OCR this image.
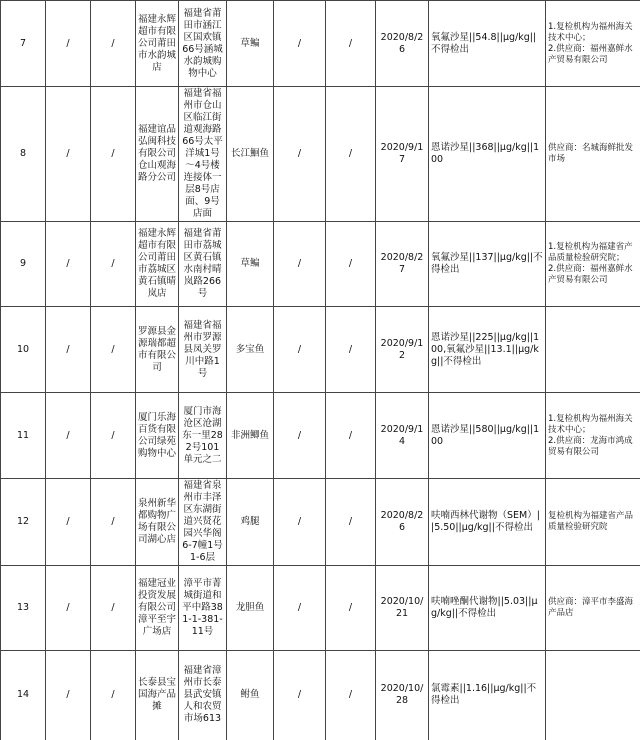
7	/	/	福建永辉超市有限公司莆田市水韵城店	福建省莆田市涵江区国欢镇66号涵城水韵城购物中心	草鳊	/	/	2020/8/26	氧氟沙星||54.8||μg/kg||不得检出	1.复检机构为福州海关技术中心；
2.供应商：福州嘉鲜水产贸易有限公司
8	/	/	福建谊品弘闽科技有限公司仓山观海路分公司	福建省福州市仓山区临江街道观海路66号太平洋城1号～4号楼连接体一层8号店面、9号店面	长江鮰鱼	/	/	2020/9/17	恩诺沙星||368||μg/kg||100	供应商：名城海鲜批发市场
9	/	/	福建永辉超市有限公司莆田市荔城区黄石镇晴岚店	福建省莆田市荔城区黄石镇水南村晴岚路266号	草鳊	/	/	2020/8/27	氧氟沙星||137||μg/kg||不得检出	1.复检机构为福建省产品质量检验研究院；
2.供应商：福州嘉鲜水产贸易有限公司
10	/	/	罗源县金源瑞都超市有限公司	福建省福州市罗源县凤关罗川中路1号	多宝鱼	/	/	2020/9/12	恩诺沙星||225||μg/kg||100,氧氟沙星||13.1||μg/kg||不得检出	
11	/	/	厦门乐海百货有限公司绿苑购物中心	厦门市海沧区沧湖东一里282号101单元之二	非洲鲫鱼	/	/	2020/9/14	恩诺沙星||580||μg/kg||100	1.复检机构为福州海关技术中心；
2.供应商：龙海市鸿成贸易有限公司
12	/	/	泉州新华都购物广场有限公司湖心店	福建省泉州市丰泽区东湖街道兴贤花园兴华阁6-7幢1号1-6层	鸡腿	/	/	2020/8/26	呋喃西林代谢物（SEM）||5.50||μg/kg||不得检出	复检机构为福建省产品质量检验研究院
13	/	/	福建冠业投资发展有限公司漳平至宇广场店	漳平市菁城街道和平中路381-1-381-11号	龙胆鱼	/	/	2020/10/21	呋喃唑酮代谢物||5.03||μg/kg||不得检出	供应商：漳平市李盛海产品店
14	/	/	长泰县宝国海产品摊	福建省漳州市长泰县武安镇人和农贸市场613	鲋鱼	/	/	2020/10/28	氯霉素||1.16||μg/kg||不得检出	
